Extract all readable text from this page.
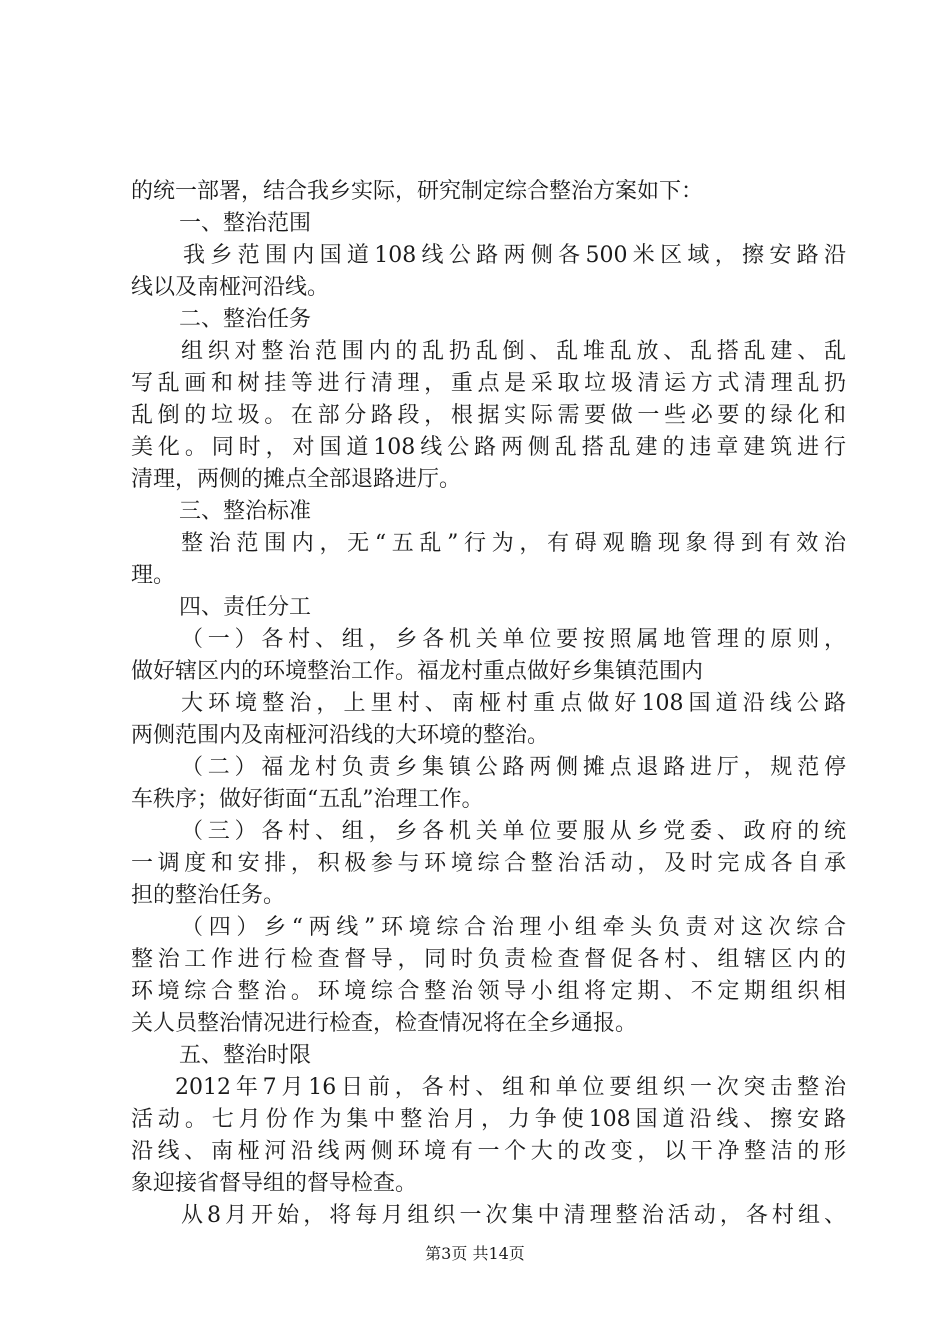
的统一部署，结合我乡实际，研究制定综合整治方案如下：
一、整治范围
我乡范围内国道108线公路两侧各500米区域，擦安路沿
线以及南桠河沿线。
二、整治任务
组织对整治范围内的乱扔乱倒、乱堆乱放、乱搭乱建、乱
写乱画和树挂等进行清理，重点是采取垃圾清运方式清理乱扔
乱倒的垃圾。在部分路段，根据实际需要做一些必要的绿化和
美化。同时，对国道108线公路两侧乱搭乱建的违章建筑进行
清理，两侧的摊点全部退路进厅。
三、整治标准
整治范围内，无“五乱”行为，有碍观瞻现象得到有效治
理。
四、责任分工
（一）各村、组，乡各机关单位要按照属地管理的原则，
做好辖区内的环境整治工作。福龙村重点做好乡集镇范围内
大环境整治，上里村、南桠村重点做好108国道沿线公路
两侧范围内及南桠河沿线的大环境的整治。
（二）福龙村负责乡集镇公路两侧摊点退路进厅，规范停
车秩序；做好街面“五乱”治理工作。
（三）各村、组，乡各机关单位要服从乡党委、政府的统
一调度和安排，积极参与环境综合整治活动，及时完成各自承
担的整治任务。
（四）乡“两线”环境综合治理小组牵头负责对这次综合
整治工作进行检查督导，同时负责检查督促各村、组辖区内的
环境综合整治。环境综合整治领导小组将定期、不定期组织相
关人员整治情况进行检查，检查情况将在全乡通报。
五、整治时限
2012年7月16日前，各村、组和单位要组织一次突击整治
活动。七月份作为集中整治月，力争使108国道沿线、擦安路
沿线、南桠河沿线两侧环境有一个大的改变，以干净整洁的形
象迎接省督导组的督导检查。
从8月开始，将每月组织一次集中清理整治活动，各村组、
第3页 共14页
